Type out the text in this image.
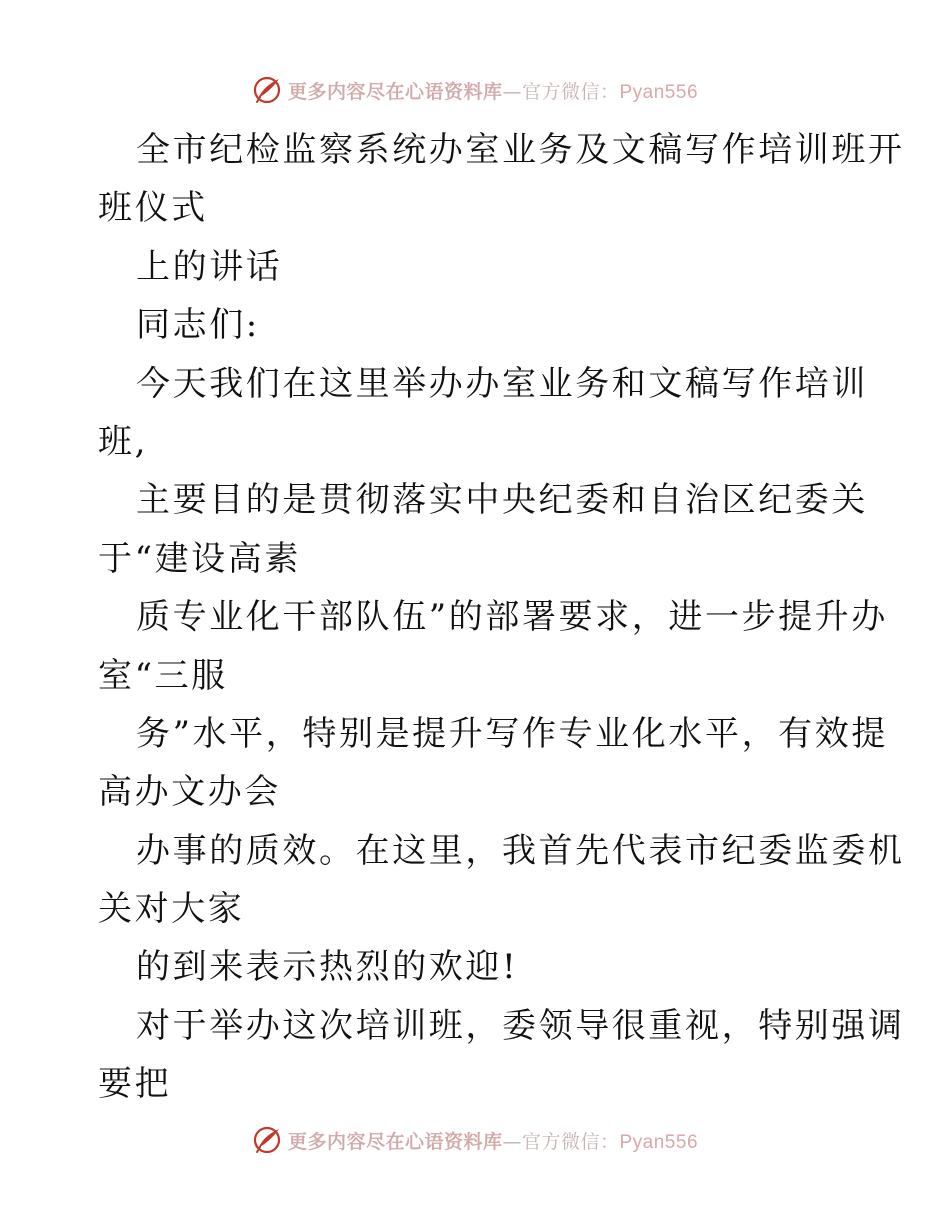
更多内容尽在心语资料库—官方微信：Pyan556
全市纪检监察系统办室业务及文稿写作培训班开
班仪式
上的讲话
同志们:
今天我们在这里举办办室业务和文稿写作培训
班,
主要目的是贯彻落实中央纪委和自治区纪委关
于“建设高素
质专业化干部队伍”的部署要求，进一步提升办
室“三服
务”水平，特别是提升写作专业化水平，有效提
高办文办会
办事的质效。在这里，我首先代表市纪委监委机
关对大家
的到来表示热烈的欢迎!
对于举办这次培训班，委领导很重视，特别强调
要把
更多内容尽在心语资料库—官方微信：Pyan556
